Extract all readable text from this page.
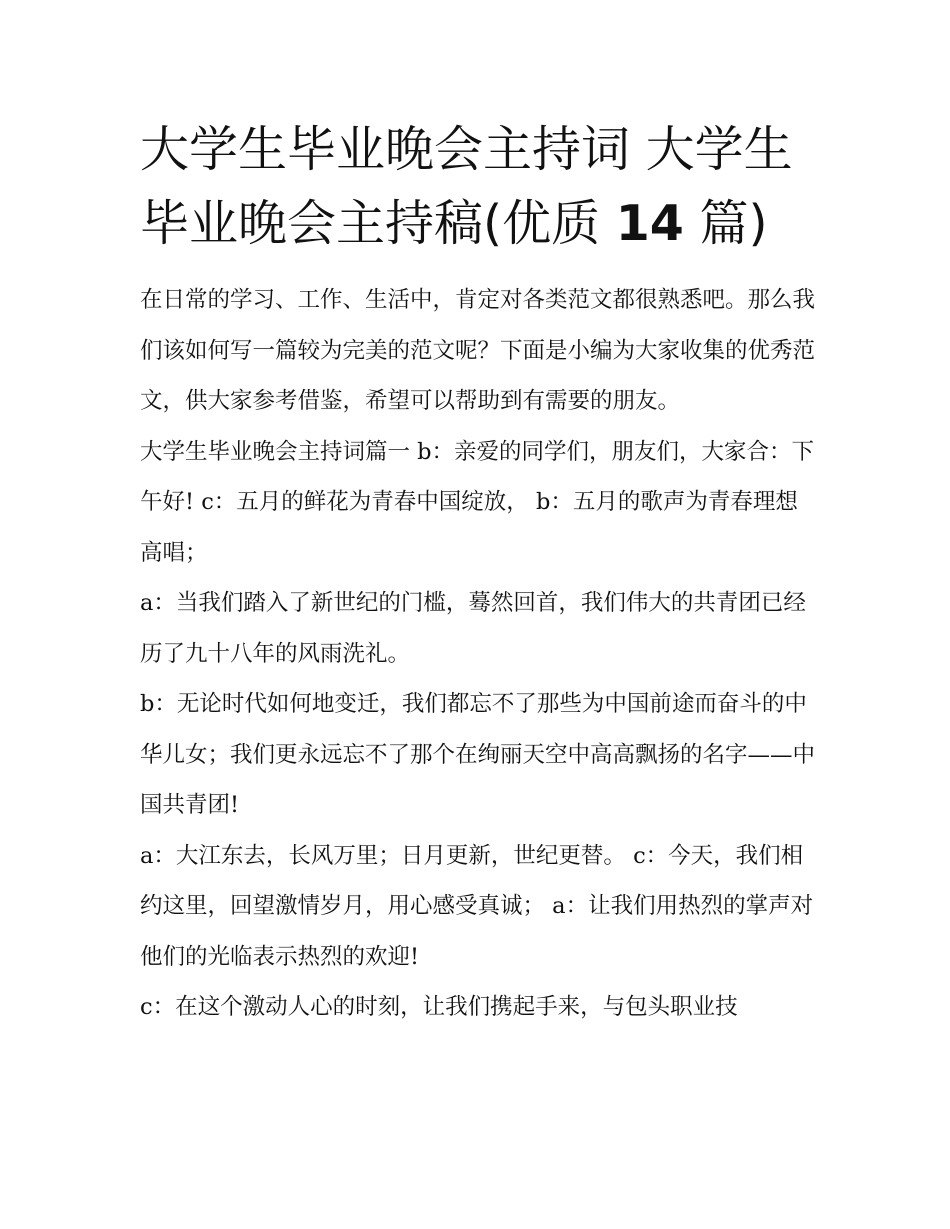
大学生毕业晚会主持词 大学生
毕业晚会主持稿(优质 14 篇)

在日常的学习、工作、生活中，肯定对各类范文都很熟悉吧。那么我们该如何写一篇较为完美的范文呢？下面是小编为大家收集的优秀范文，供大家参考借鉴，希望可以帮助到有需要的朋友。

大学生毕业晚会主持词篇一 b：亲爱的同学们，朋友们，大家合：下午好! c：五月的鲜花为青春中国绽放， b：五月的歌声为青春理想高唱；

a：当我们踏入了新世纪的门槛，蓦然回首，我们伟大的共青团已经历了九十八年的风雨洗礼。

b：无论时代如何地变迁，我们都忘不了那些为中国前途而奋斗的中华儿女；我们更永远忘不了那个在绚丽天空中高高飘扬的名字——中国共青团!

a：大江东去，长风万里；日月更新，世纪更替。 c：今天，我们相约这里，回望激情岁月，用心感受真诚； a：让我们用热烈的掌声对他们的光临表示热烈的欢迎!

c：在这个激动人心的时刻，让我们携起手来，与包头职业技
